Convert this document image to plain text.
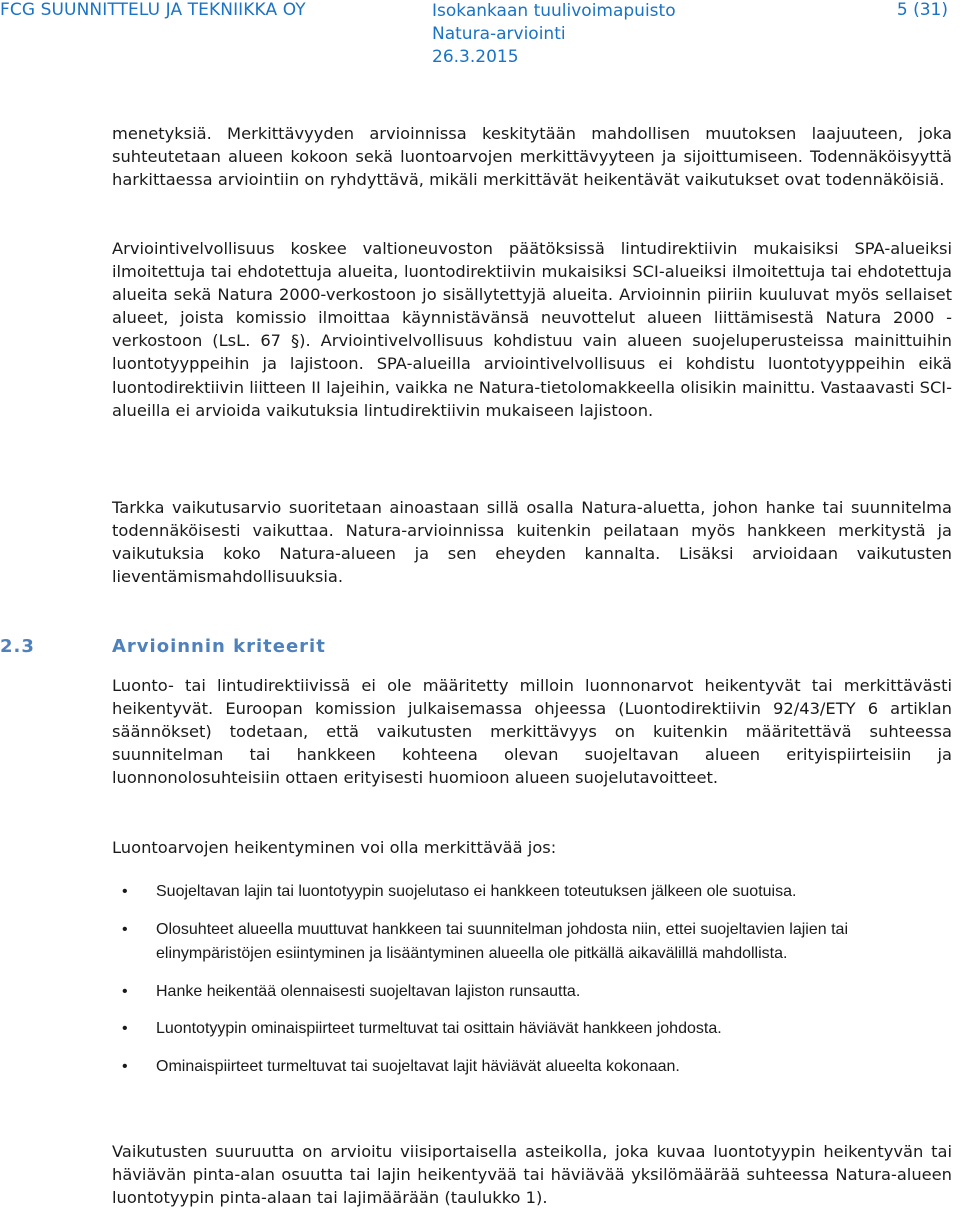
FCG SUUNNITTELU JA TEKNIIKKA OY	Isokankaan tuulivoimapuisto
Natura-arviointi
26.3.2015
5 (31)

menetyksiä. Merkittävyyden arvioinnissa keskitytään mahdollisen muutoksen laajuuteen, joka suhteutetaan alueen kokoon sekä luontoarvojen merkittävyyteen ja sijoittumiseen. Todennäköisyyttä harkittaessa arviointiin on ryhdyttävä, mikäli merkittävät heikentävät vaikutukset ovat todennäköisiä.

Arviointivelvollisuus koskee valtioneuvoston päätöksissä lintudirektiivin mukaisiksi SPA-alueiksi ilmoitettuja tai ehdotettuja alueita, luontodirektiivin mukaisiksi SCI-alueiksi ilmoitettuja tai ehdotettuja alueita sekä Natura 2000-verkostoon jo sisällytettyjä alueita. Arvioinnin piiriin kuuluvat myös sellaiset alueet, joista komissio ilmoittaa käynnistävänsä neuvottelut alueen liittämisestä Natura 2000 -verkostoon (LsL. 67 §). Arviointivelvollisuus kohdistuu vain alueen suojeluperusteissa mainittuihin luontotyyppeihin ja lajistoon. SPA-alueilla arviointivelvollisuus ei kohdistu luontotyyppeihin eikä luontodirektiivin liitteen II lajeihin, vaikka ne Natura-tietolomakkeella olisikin mainittu. Vastaavasti SCI-alueilla ei arvioida vaikutuksia lintudirektiivin mukaiseen lajistoon.

Tarkka vaikutusarvio suoritetaan ainoastaan sillä osalla Natura-aluetta, johon hanke tai suunnitelma todennäköisesti vaikuttaa. Natura-arvioinnissa kuitenkin peilataan myös hankkeen merkitystä ja vaikutuksia koko Natura-alueen ja sen eheyden kannalta. Lisäksi arvioidaan vaikutusten lieventämismahdollisuuksia.

2.3	Arvioinnin kriteerit

Luonto- tai lintudirektiivissä ei ole määritetty milloin luonnonarvot heikentyvät tai merkittävästi heikentyvät. Euroopan komission julkaisemassa ohjeessa (Luontodirektiivin 92/43/ETY 6 artiklan säännökset) todetaan, että vaikutusten merkittävyys on kuitenkin määritettävä suhteessa suunnitelman tai hankkeen kohteena olevan suojeltavan alueen erityispiirteisiin ja luonnonolosuhteisiin ottaen erityisesti huomioon alueen suojelutavoitteet.

Luontoarvojen heikentyminen voi olla merkittävää jos:

• Suojeltavan lajin tai luontotyypin suojelutaso ei hankkeen toteutuksen jälkeen ole suotuisa.
• Olosuhteet alueella muuttuvat hankkeen tai suunnitelman johdosta niin, ettei suojeltavien lajien tai elinympäristöjen esiintyminen ja lisääntyminen alueella ole pitkällä aikavälillä mahdollista.
• Hanke heikentää olennaisesti suojeltavan lajiston runsautta.
• Luontotyypin ominaispiirteet turmeltuvat tai osittain häviävät hankkeen johdosta.
• Ominaispiirteet turmeltuvat tai suojeltavat lajit häviävät alueelta kokonaan.

Vaikutusten suuruutta on arvioitu viisiportaisella asteikolla, joka kuvaa luontotyypin heikentyvän tai häviävän pinta-alan osuutta tai lajin heikentyvää tai häviävää yksilömäärää suhteessa Natura-alueen luontotyypin pinta-alaan tai lajimäärään (taulukko 1).
